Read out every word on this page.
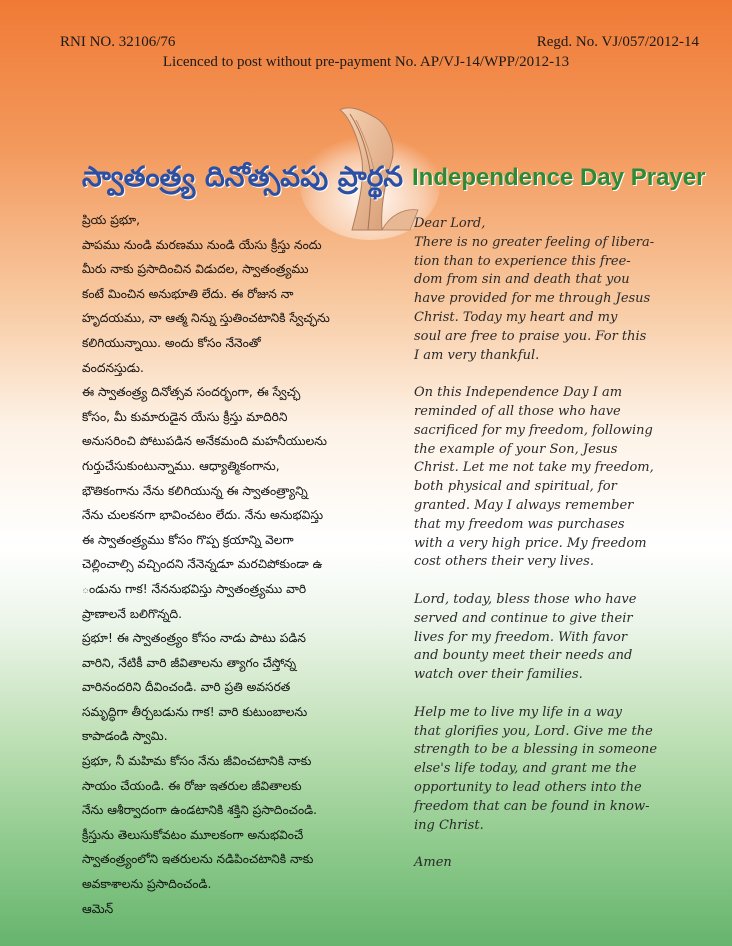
RNI NO. 32106/76	Regd. No. VJ/057/2012-14
Licenced to post without pre-payment No. AP/VJ-14/WPP/2012-13
స్వాతంత్ర్య దినోత్సవపు ప్రార్థన Independence Day Prayer
ప్రియ ప్రభూ,
పాపము నుండి మరణము నుండి యేసు క్రీస్తు నందు
మీరు నాకు ప్రసాదించిన విడుదల, స్వాతంత్ర్యము
కంటే మించిన అనుభూతి లేదు. ఈ రోజున నా
హృదయము, నా ఆత్మ నిన్ను స్తుతించటానికి స్వేచ్ఛను
కలిగియున్నాయి. అందు కోసం నేనెంతో
వందనస్తుడు.
ఈ స్వాతంత్ర్య దినోత్సవ సందర్భంగా, ఈ స్వేచ్ఛ
కోసం, మీ కుమారుడైన యేసు క్రీస్తు మాదిరిని
అనుసరించి పోటుపడిన అనేకమంది మహనీయులను
గుర్తుచేసుకుంటున్నాము. ఆధ్యాత్మికంగాను,
భౌతికంగాను నేను కలిగియున్న ఈ స్వాతంత్ర్యాన్ని
నేను చులకనగా భావించటం లేదు. నేను అనుభవిస్తు
ఈ స్వాతంత్ర్యము కోసం గొప్ప క్రయాన్ని వెలగా
చెల్లించాల్సి వచ్చిందని నేనెన్నడూ మరచిపోకుండా ఉ
ండును గాక! నేననుభవిస్తు స్వాతంత్ర్యము వారి
ప్రాణాలనే బలిగొన్నది.
ప్రభూ! ఈ స్వాతంత్ర్యం కోసం నాడు పాటు పడిన
వారిని, నేటికీ వారి జీవితాలను త్యాగం చేస్తోన్న
వారినందరిని దీవించండి. వారి ప్రతి అవసరత
సమృద్ధిగా తీర్చబడును గాక! వారి కుటుంబాలను
కాపాడండి స్వామి.
ప్రభూ, నీ మహిమ కోసం నేను జీవించటానికి నాకు
సాయం చేయండి. ఈ రోజు ఇతరుల జీవితాలకు
నేను ఆశీర్వాదంగా ఉండటానికి శక్తిని ప్రసాదించండి.
క్రీస్తును తెలుసుకోవటం మూలకంగా అనుభవించే
స్వాతంత్ర్యంలోని ఇతరులను నడిపించటానికి నాకు
అవకాశాలను ప్రసాదించండి.
ఆమెన్
Dear Lord,
There is no greater feeling of libera-
tion than to experience this free-
dom from sin and death that you
have provided for me through Jesus
Christ. Today my heart and my
soul are free to praise you. For this
I am very thankful.
On this Independence Day I am
reminded of all those who have
sacrificed for my freedom, following
the example of your Son, Jesus
Christ. Let me not take my freedom,
both physical and spiritual, for
granted. May I always remember
that my freedom was purchases
with a very high price. My freedom
cost others their very lives.
Lord, today, bless those who have
served and continue to give their
lives for my freedom. With favor
and bounty meet their needs and
watch over their families.
Help me to live my life in a way
that glorifies you, Lord. Give me the
strength to be a blessing in someone
else's life today, and grant me the
opportunity to lead others into the
freedom that can be found in know-
ing Christ.
Amen
